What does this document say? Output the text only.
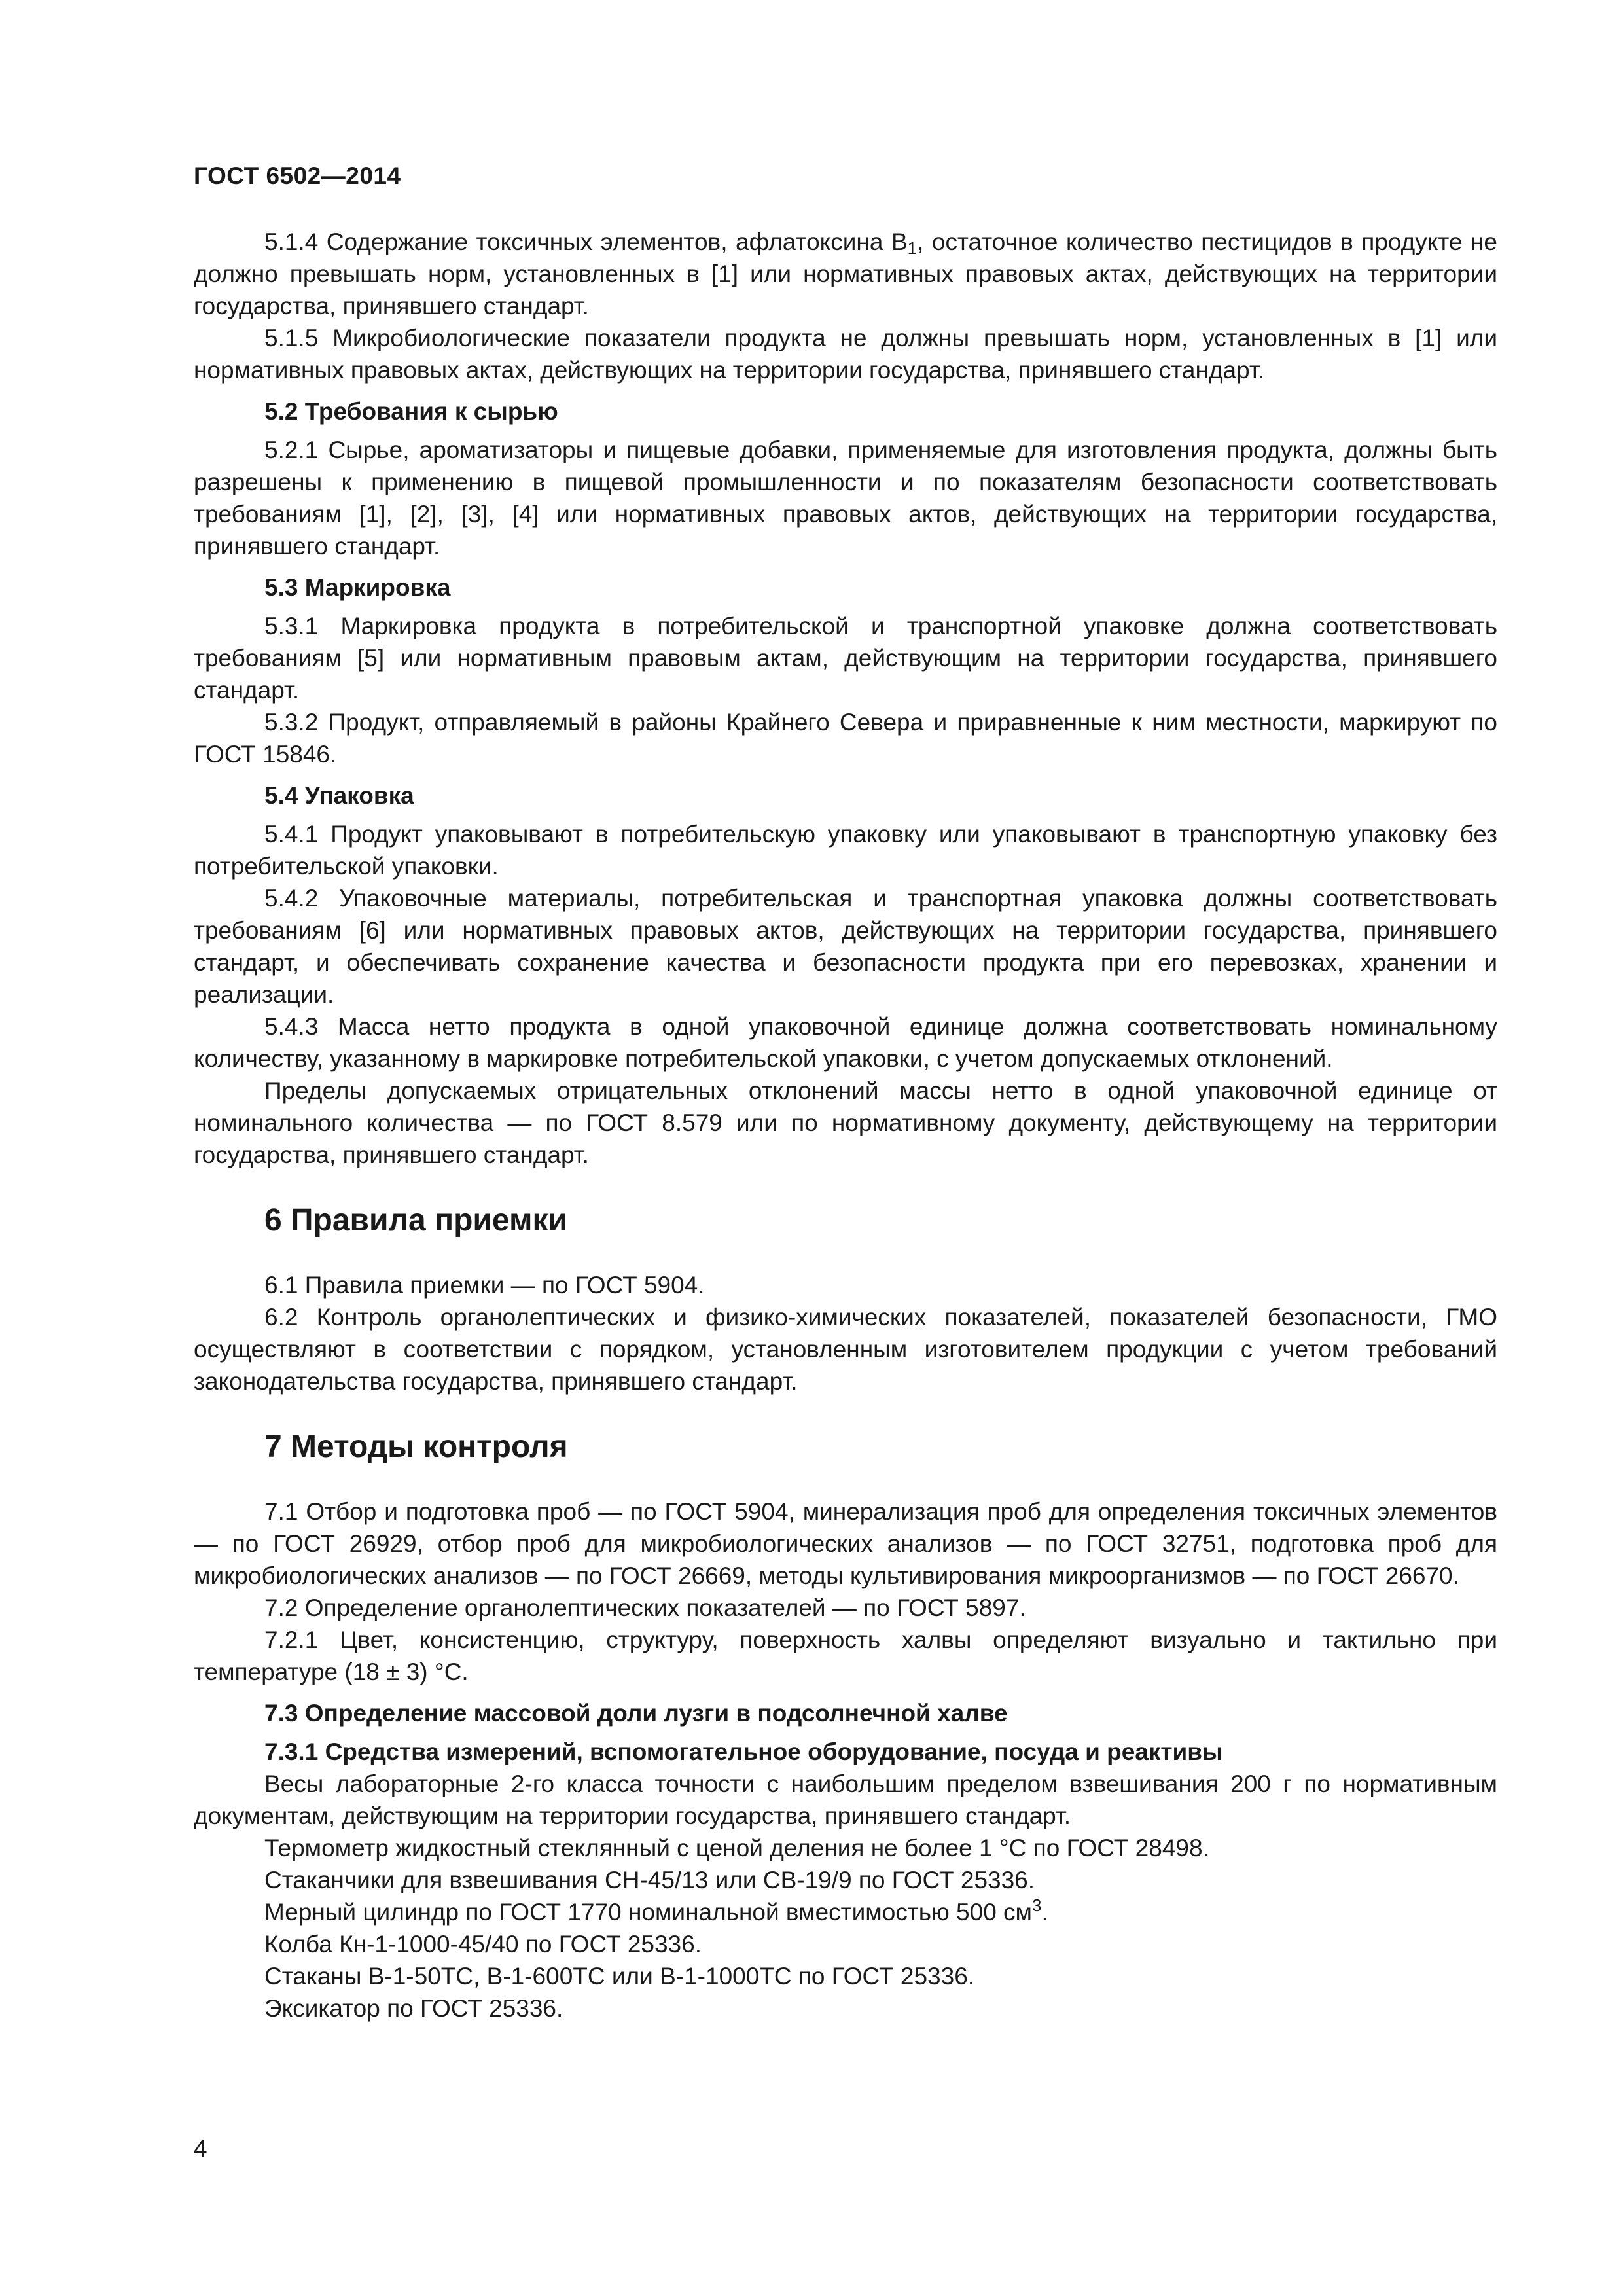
ГОСТ 6502—2014

5.1.4 Содержание токсичных элементов, афлатоксина $B_1$, остаточное количество пестицидов в продукте не должно превышать норм, установленных в [1] или нормативных правовых актах, действующих на территории государства, принявшего стандарт.

5.1.5 Микробиологические показатели продукта не должны превышать норм, установленных в [1] или нормативных правовых актах, действующих на территории государства, принявшего стандарт.

5.2 Требования к сырью

5.2.1 Сырье, ароматизаторы и пищевые добавки, применяемые для изготовления продукта, должны быть разрешены к применению в пищевой промышленности и по показателям безопасности соответствовать требованиям [1], [2], [3], [4] или нормативных правовых актов, действующих на территории государства, принявшего стандарт.

5.3 Маркировка

5.3.1 Маркировка продукта в потребительской и транспортной упаковке должна соответствовать требованиям [5] или нормативным правовым актам, действующим на территории государства, принявшего стандарт.

5.3.2 Продукт, отправляемый в районы Крайнего Севера и приравненные к ним местности, маркируют по ГОСТ 15846.

5.4 Упаковка

5.4.1 Продукт упаковывают в потребительскую упаковку или упаковывают в транспортную упаковку без потребительской упаковки.

5.4.2 Упаковочные материалы, потребительская и транспортная упаковка должны соответствовать требованиям [6] или нормативных правовых актов, действующих на территории государства, принявшего стандарт, и обеспечивать сохранение качества и безопасности продукта при его перевозках, хранении и реализации.

5.4.3 Масса нетто продукта в одной упаковочной единице должна соответствовать номинальному количеству, указанному в маркировке потребительской упаковки, с учетом допускаемых отклонений.

Пределы допускаемых отрицательных отклонений массы нетто в одной упаковочной единице от номинального количества — по ГОСТ 8.579 или по нормативному документу, действующему на территории государства, принявшего стандарт.

6 Правила приемки

6.1 Правила приемки — по ГОСТ 5904.

6.2 Контроль органолептических и физико-химических показателей, показателей безопасности, ГМО осуществляют в соответствии с порядком, установленным изготовителем продукции с учетом требований законодательства государства, принявшего стандарт.

7 Методы контроля

7.1 Отбор и подготовка проб — по ГОСТ 5904, минерализация проб для определения токсичных элементов — по ГОСТ 26929, отбор проб для микробиологических анализов — по ГОСТ 32751, подготовка проб для микробиологических анализов — по ГОСТ 26669, методы культивирования микроорганизмов — по ГОСТ 26670.

7.2 Определение органолептических показателей — по ГОСТ 5897.

7.2.1 Цвет, консистенцию, структуру, поверхность халвы определяют визуально и тактильно при температуре (18 ± 3) °C.

7.3 Определение массовой доли лузги в подсолнечной халве
7.3.1 Средства измерений, вспомогательное оборудование, посуда и реактивы

Весы лабораторные 2-го класса точности с наибольшим пределом взвешивания 200 г по нормативным документам, действующим на территории государства, принявшего стандарт.

Термометр жидкостный стеклянный с ценой деления не более 1 °C по ГОСТ 28498.

Стаканчики для взвешивания СН-45/13 или СВ-19/9 по ГОСТ 25336.

Мерный цилиндр по ГОСТ 1770 номинальной вместимостью 500 $см^3$.

Колба Кн-1-1000-45/40 по ГОСТ 25336.

Стаканы В-1-50ТС, В-1-600ТС или В-1-1000ТС по ГОСТ 25336.

Эксикатор по ГОСТ 25336.

4
